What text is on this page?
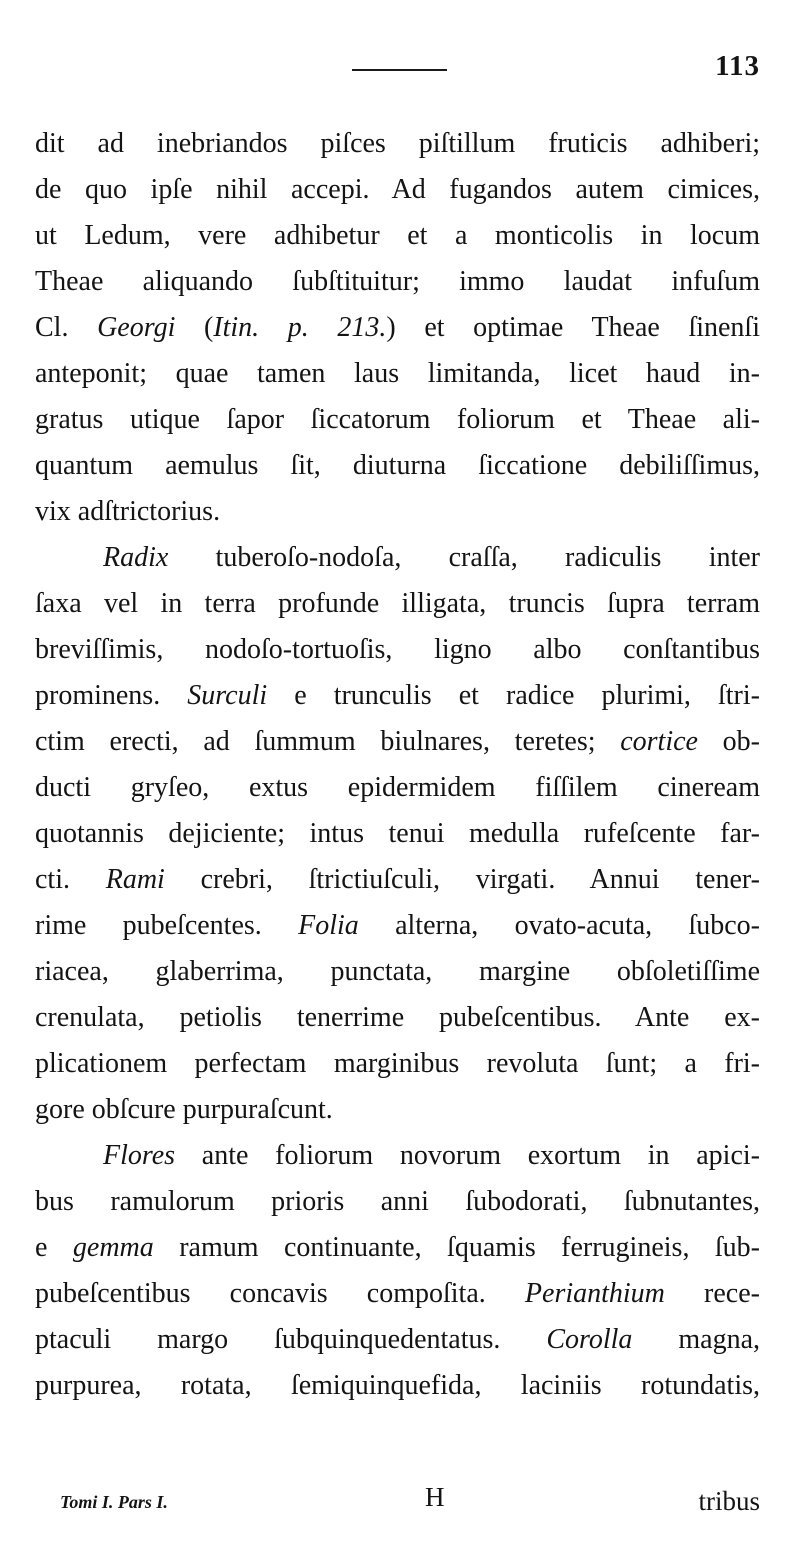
113
dit ad inebriandos piſces piſtillum fruticis adhiberi;
de quo ipſe nihil accepi. Ad fugandos autem cimices,
ut Ledum, vere adhibetur et a monticolis in locum
Theae aliquando ſubſtituitur; immo laudat infuſum
Cl. Georgi (Itin. p. 213.) et optimae Theae ſinenſi
anteponit; quae tamen laus limitanda, licet haud in-
gratus utique ſapor ſiccatorum foliorum et Theae ali-
quantum aemulus ſit, diuturna ſiccatione debiliſſimus,
vix adſtrictorius.
Radix tuberoſo-nodoſa, craſſa, radiculis inter
ſaxa vel in terra profunde illigata, truncis ſupra terram
breviſſimis, nodoſo-tortuoſis, ligno albo conſtantibus
prominens. Surculi e trunculis et radice plurimi, ſtri-
ctim erecti, ad ſummum biulnares, teretes; cortice ob-
ducti gryſeo, extus epidermidem fiſſilem cineream
quotannis dejiciente; intus tenui medulla rufeſcente far-
cti. Rami crebri, ſtrictiuſculi, virgati. Annui tener-
rime pubeſcentes. Folia alterna, ovato-acuta, ſubco-
riacea, glaberrima, punctata, margine obſoletiſſime
crenulata, petiolis tenerrime pubeſcentibus. Ante ex-
plicationem perfectam marginibus revoluta ſunt; a fri-
gore obſcure purpuraſcunt.
Flores ante foliorum novorum exortum in apici-
bus ramulorum prioris anni ſubodorati, ſubnutantes,
e gemma ramum continuante, ſquamis ferrugineis, ſub-
pubeſcentibus concavis compoſita. Perianthium rece-
ptaculi margo ſubquinquedentatus. Corolla magna,
purpurea, rotata, ſemiquinquefida, laciniis rotundatis,
Tomi I. Pars I.	H	tribus
